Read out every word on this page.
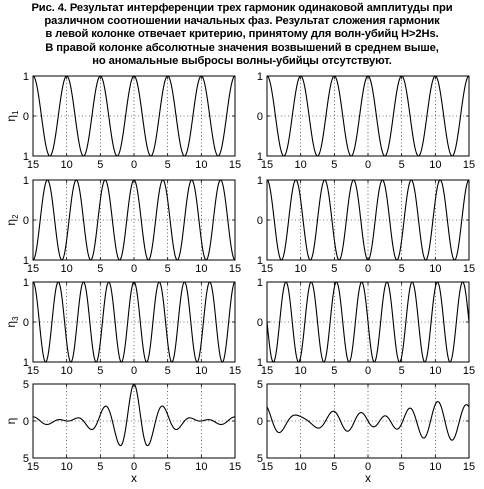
Рис. 4. Результат интерференции трех гармоник одинаковой амплитуды при
различном соотношении начальных фаз. Результат сложения гармоник
в левой колонке отвечает критерию, принятому для волн-убийц H>2Hs.
В правой колонке абсолютные значения возвышений в среднем выше,
но аномальные выбросы волны-убийцы отсутствуют.
15 10 5	0	5 10 15
1
0
1
$\eta_1$
15 10 5	0	5 10 15
1
0
1
15 10 5	0	5 10 15
1
0
1
$\eta_2$
15 10 5	0	5 10 15
1
0
1
15 10 5	0	5 10 15
1
0
1
$\eta_3$
15 10 5	0	5 10 15
1
0
1
15 10 5	0	5 10 15
5
0
5
η
x
15 10 5	0	5 10 15
5
0
5
x
